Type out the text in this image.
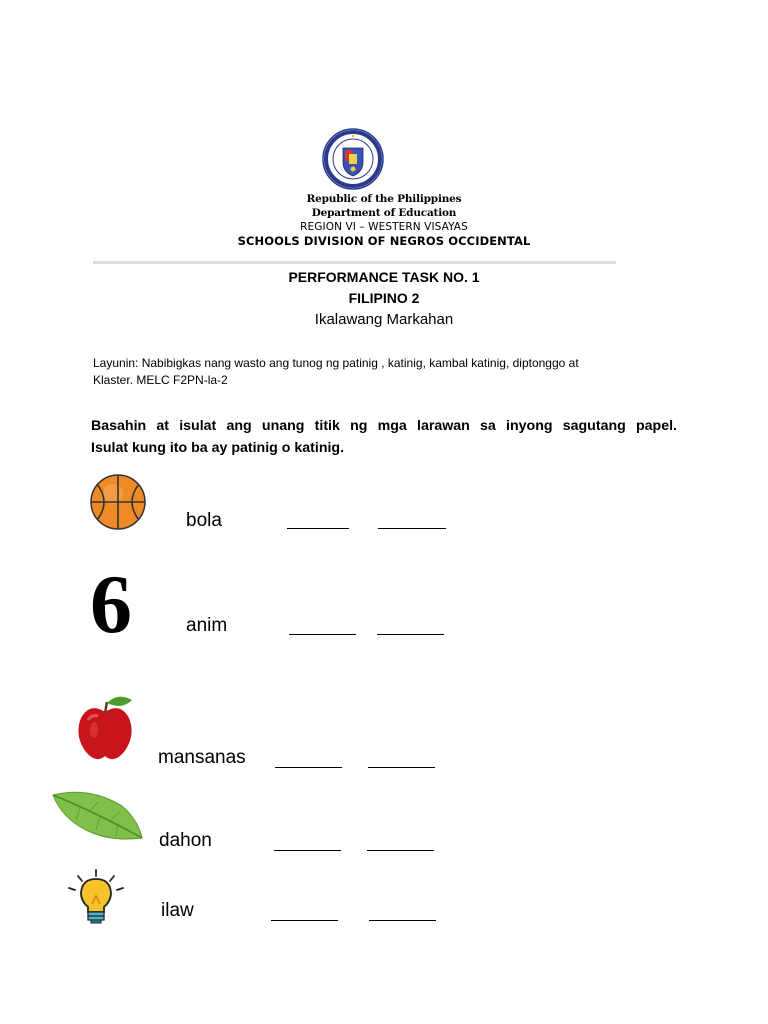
Republic of the Philippines
Department of Education
REGION VI – WESTERN VISAYAS
SCHOOLS DIVISION OF NEGROS OCCIDENTAL
PERFORMANCE TASK NO. 1
FILIPINO 2
Ikalawang Markahan
Layunin: Nabibigkas nang wasto ang tunog ng patinig , katinig, kambal katinig, diptonggo at
Klaster. MELC F2PN-la-2
Basahin at isulat ang unang titik ng mga larawan sa inyong sagutang papel.
Isulat kung ito ba ay patinig o katinig.
bola
6	anim
mansanas
dahon
ilaw
